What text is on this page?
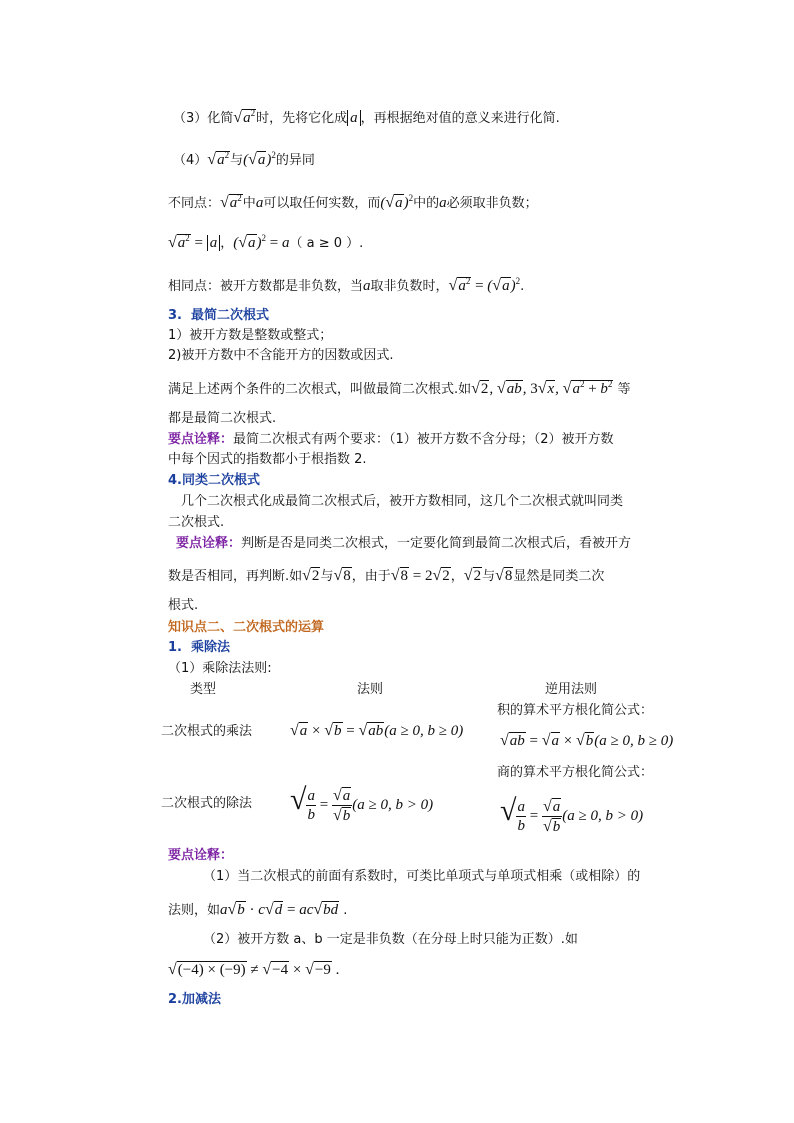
（3）化简$√a^2$时，先将它化成 a ，再根据绝对值的意义来进行化简.
$(4)√a^2$与$(√a)^2$的异同
不同点：$√a^2$中a可以取任何实数，而$(√a)^2$中的a必须取非负数；
$√a^2 = a$ ，$(√a)^2 = a$（ a ≥ 0 ）.
相同点：被开方数都是非负数，当a取非负数时，$√a^2 = (√a)^2$.
3. 最简二次根式
1）被开方数是整数或整式；
2)被开方数中不含能开方的因数或因式.
满足上述两个条件的二次根式，叫做最简二次根式.如√2, √ab, 3√x, $√a^2 + b^2$ 等
都是最简二次根式.
要点诠释：最简二次根式有两个要求：（1）被开方数不含分母；（2）被开方数
中每个因式的指数都小于根指数 2.
4.同类二次根式
几个二次根式化成最简二次根式后，被开方数相同，这几个二次根式就叫同类
二次根式.
要点诠释：判断是否是同类二次根式，一定要化简到最简二次根式后，看被开方
数是否相同，再判断.如√2与√8，由于√8 = 2√2，√2与√8显然是同类二次
根式.
知识点二、二次根式的运算
1. 乘除法
（1）乘除法法则:
类型	法则	逆用法则
积的算术平方根化简公式：
二次根式的乘法 √a × √b = √ab(a ≥ 0, b ≥ 0)
√ab = √a × √b(a ≥ 0, b ≥ 0)
商的算术平方根化简公式：
二次根式的除法 √ $\frac{a}{b} = \frac{√a}{√b} (a \ge 0$, b > 0) √ $\frac{a}{b} = \frac{√a}{√b} (a \ge 0$, b > 0)
要点诠释：
（1）当二次根式的前面有系数时，可类比单项式与单项式相乘（或相除）的
法则，如a√b · c√d = ac√bd .
（2）被开方数 a、b 一定是非负数（在分母上时只能为正数）.如
√(−4) × (−9) ≠ √−4 × √−9 .
2.加减法
